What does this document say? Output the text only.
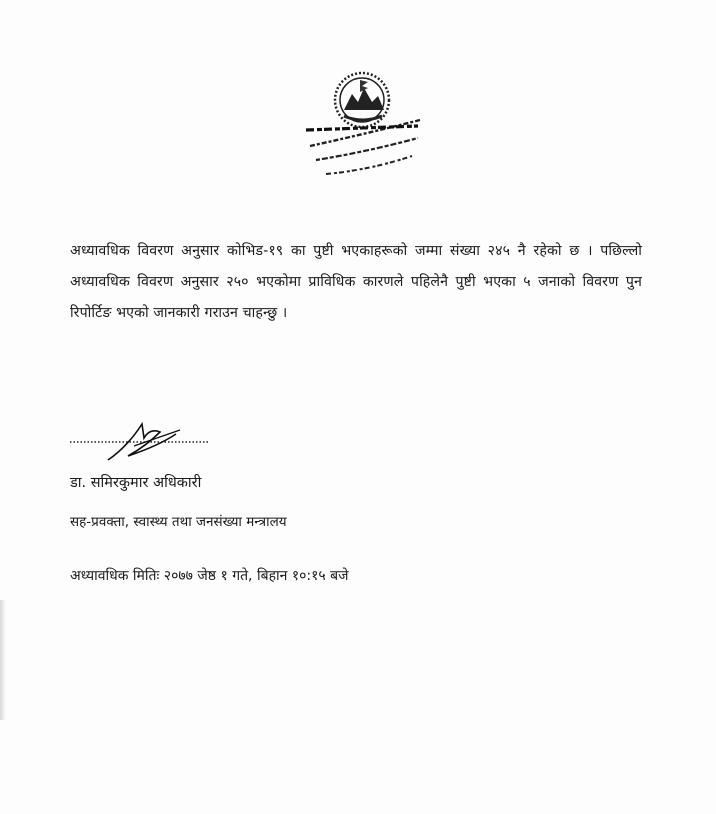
अध्यावधिक विवरण अनुसार कोभिड-१९ का पुष्टी भएकाहरूको जम्मा संख्या २४५ नै रहेको छ । पछिल्लो अध्यावधिक विवरण अनुसार २५० भएकोमा प्राविधिक कारणले पहिलेनै पुष्टी भएका ५ जनाको विवरण पुन रिपोर्टिङ भएको जानकारी गराउन चाहन्छु ।
डा. समिरकुमार अधिकारी
सह-प्रवक्ता, स्वास्थ्य तथा जनसंख्या मन्त्रालय
अध्यावधिक मितिः २०७७ जेष्ठ १ गते, बिहान १०:१५ बजे
